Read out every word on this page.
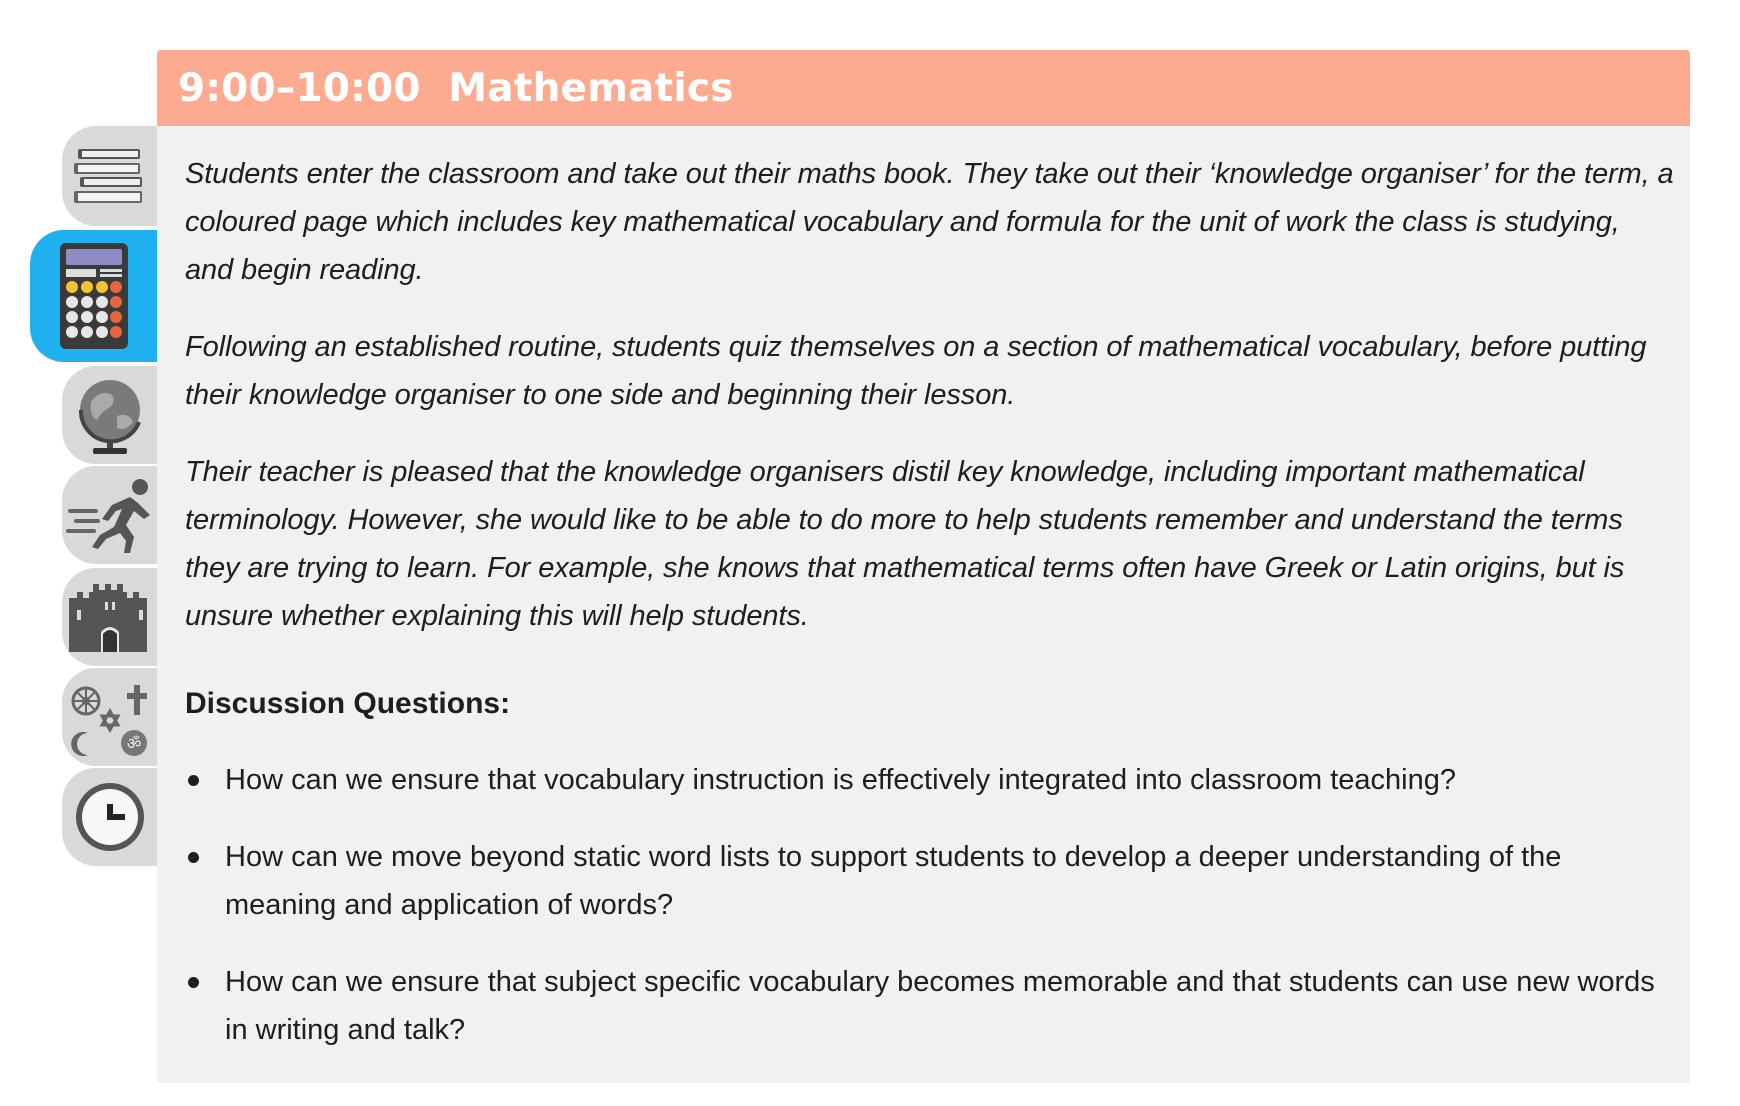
9:00–10:00 Mathematics
ॐ

Students enter the classroom and take out their maths book. They take out their ‘knowledge organiser’ for the term, a coloured page which includes key mathematical vocabulary and formula for the unit of work the class is studying, and begin reading.

Following an established routine, students quiz themselves on a section of mathematical vocabulary, before putting their knowledge organiser to one side and beginning their lesson.

Their teacher is pleased that the knowledge organisers distil key knowledge, including important mathematical terminology. However, she would like to be able to do more to help students remember and understand the terms they are trying to learn. For example, she knows that mathematical terms often have Greek or Latin origins, but is unsure whether explaining this will help students.

Discussion Questions:
How can we ensure that vocabulary instruction is effectively integrated into classroom teaching?
How can we move beyond static word lists to support students to develop a deeper understanding of the meaning and application of words?
How can we ensure that subject specific vocabulary becomes memorable and that students can use new words in writing and talk?
